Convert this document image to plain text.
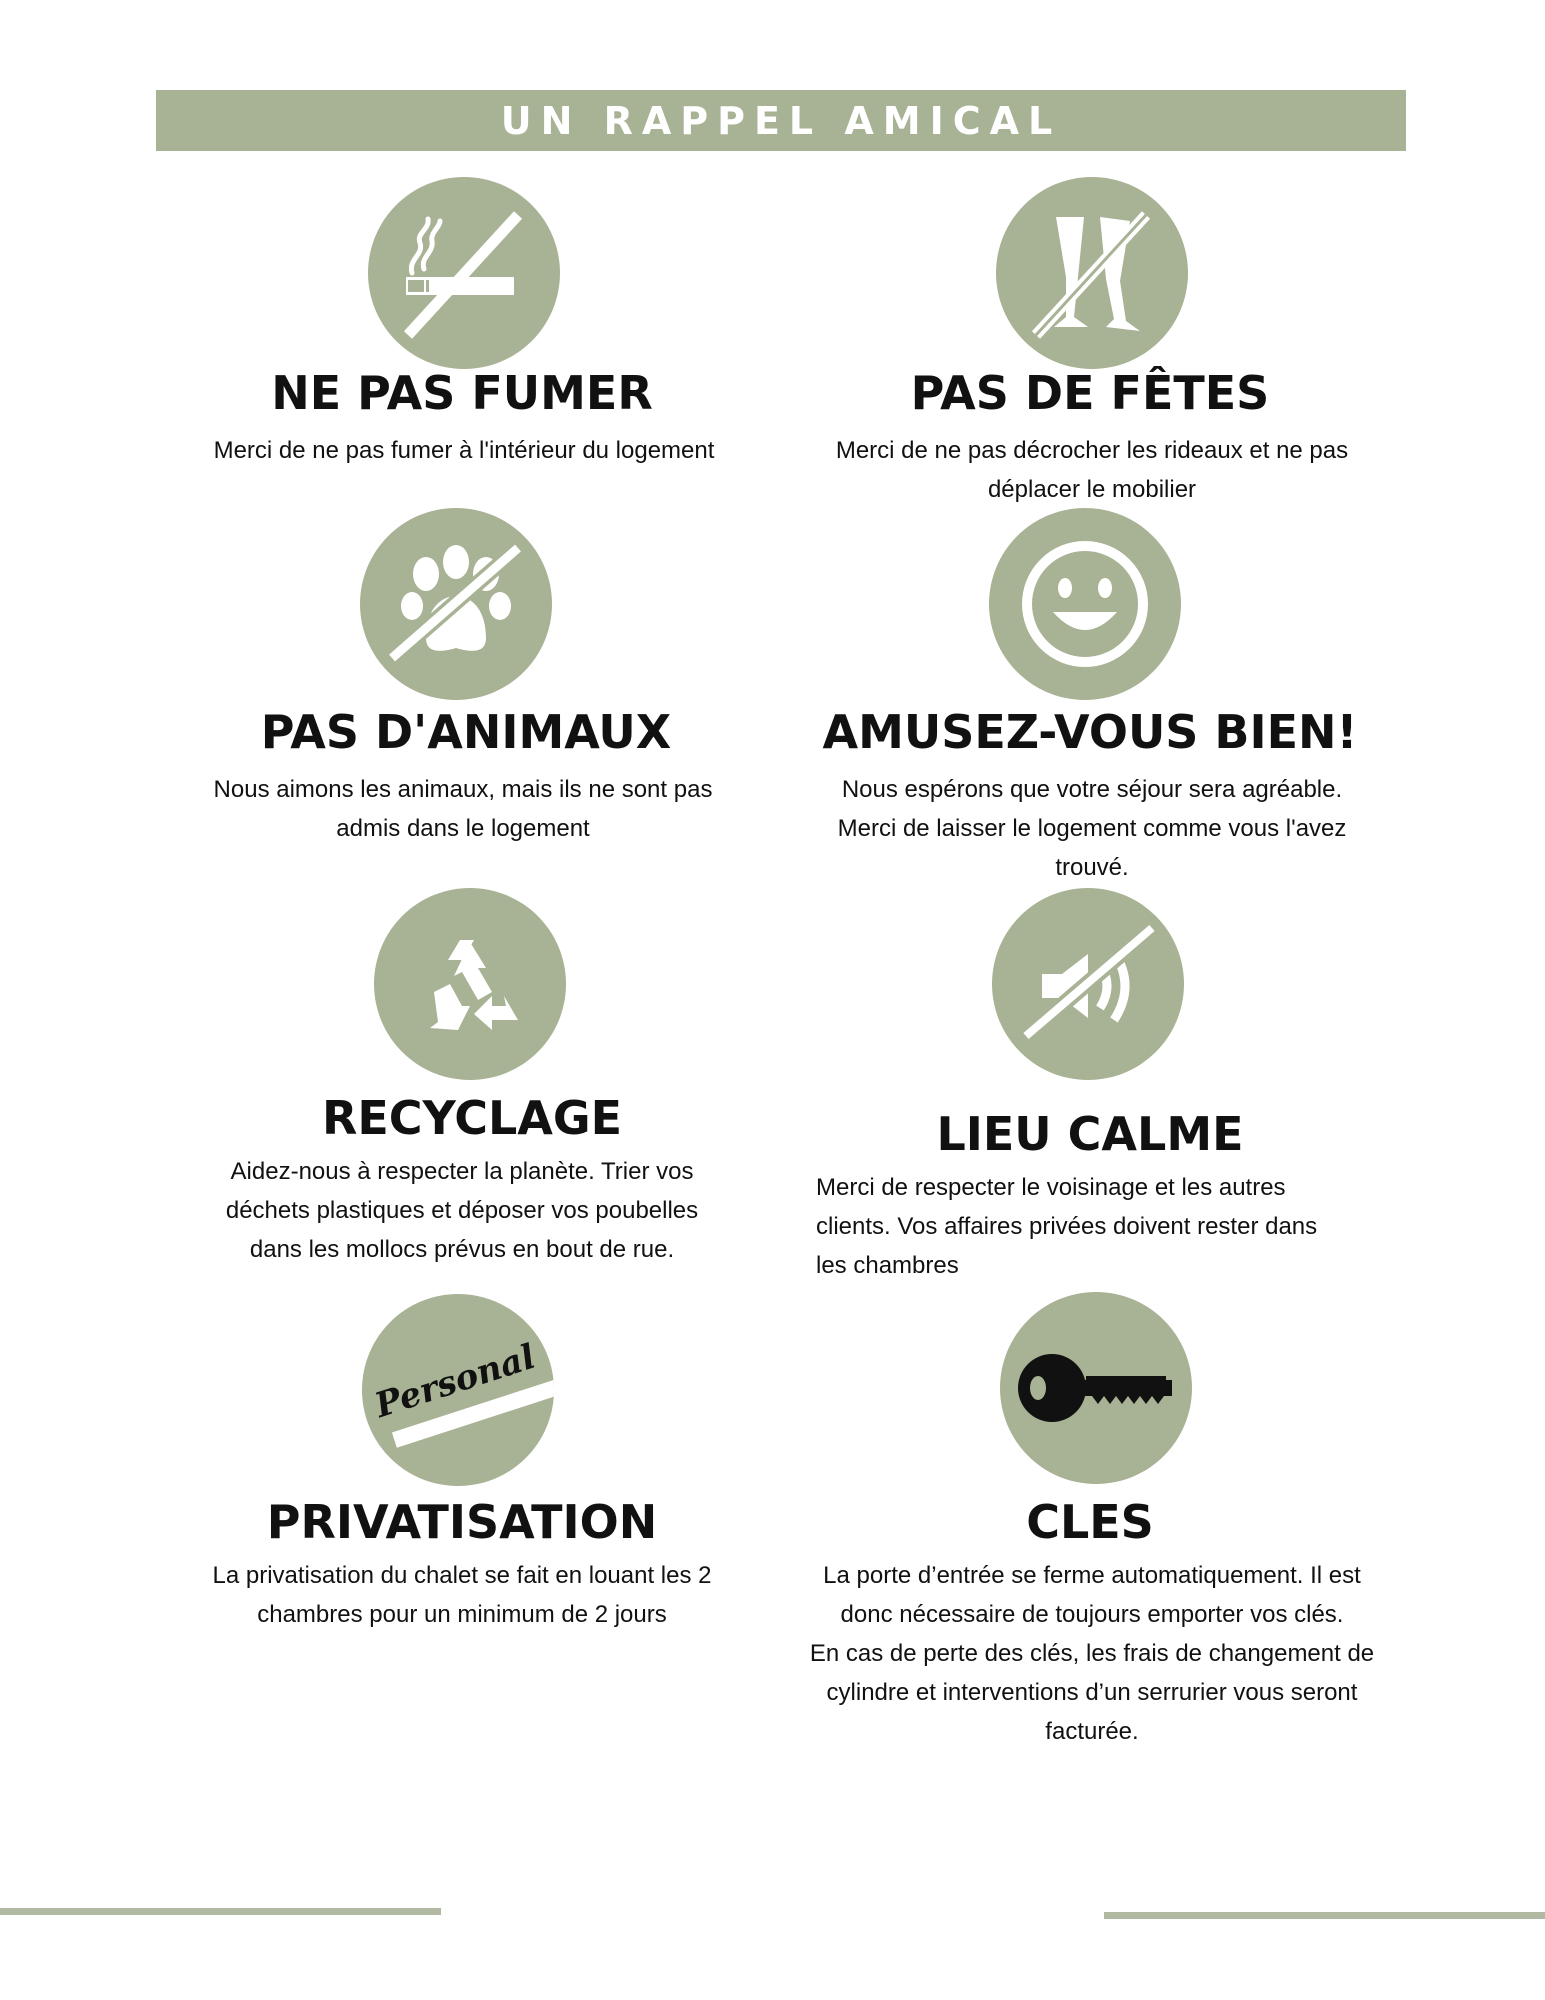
UN RAPPEL AMICAL
NE PAS FUMER
Merci de ne pas fumer à l'intérieur du logement
PAS DE FÊTES
Merci de ne pas décrocher les rideaux et ne pas
déplacer le mobilier
PAS D'ANIMAUX
Nous aimons les animaux, mais ils ne sont pas
admis dans le logement
AMUSEZ-VOUS BIEN!
Nous espérons que votre séjour sera agréable.
Merci de laisser le logement comme vous l'avez
trouvé.
RECYCLAGE
Aidez-nous à respecter la planète. Trier vos
déchets plastiques et déposer vos poubelles
dans les mollocs prévus en bout de rue.
LIEU CALME
Merci de respecter le voisinage et les autres
clients. Vos affaires privées doivent rester dans
les chambres
Personal
PRIVATISATION
La privatisation du chalet se fait en louant les 2
chambres pour un minimum de 2 jours
CLES
La porte d’entrée se ferme automatiquement. Il est
donc nécessaire de toujours emporter vos clés.
En cas de perte des clés, les frais de changement de
cylindre et interventions d’un serrurier vous seront
facturée.
